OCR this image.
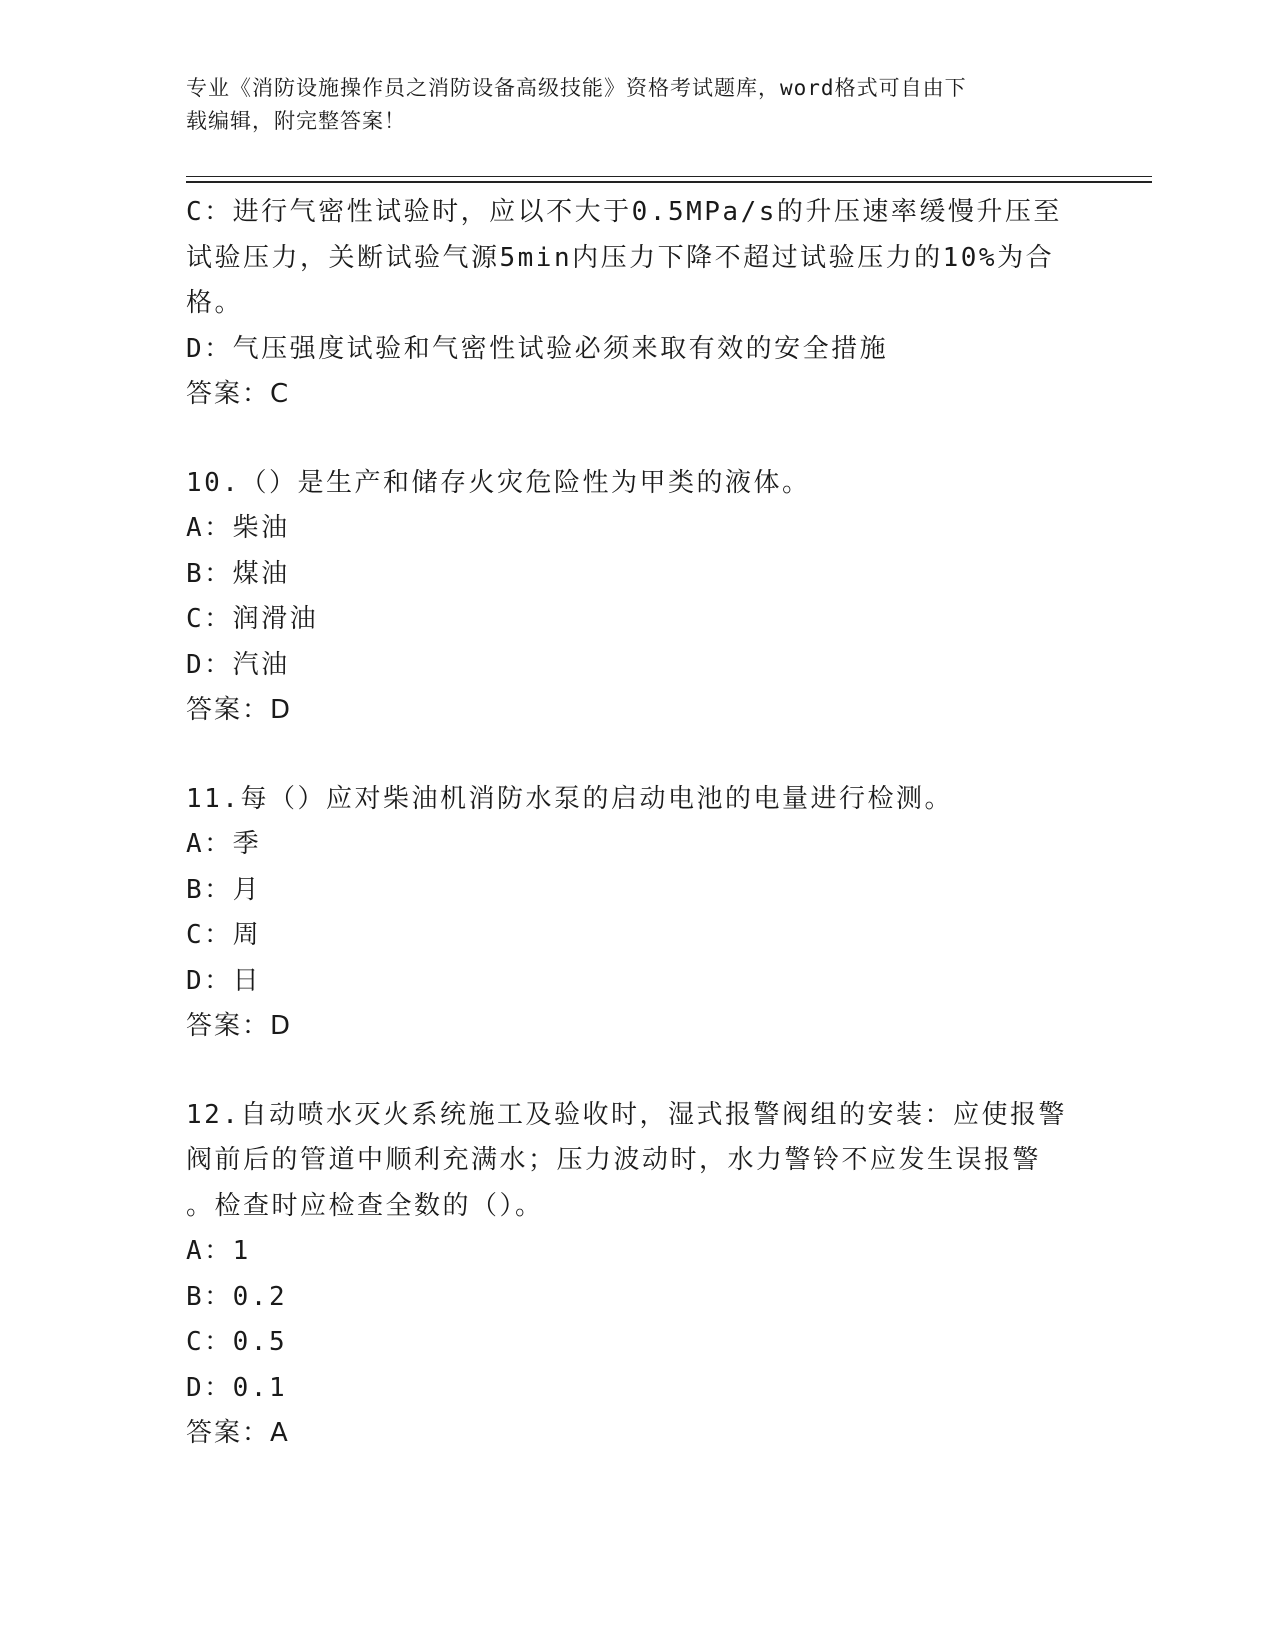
专业《消防设施操作员之消防设备高级技能》资格考试题库，word格式可自由下
载编辑，附完整答案！
C：进行气密性试验时，应以不大于0.5MPa/s的升压速率缓慢升压至
试验压力，关断试验气源5min内压力下降不超过试验压力的10%为合
格。
D：气压强度试验和气密性试验必须来取有效的安全措施
答案：C
10.（）是生产和储存火灾危险性为甲类的液体。
A：柴油
B：煤油
C：润滑油
D：汽油
答案：D
11.每（）应对柴油机消防水泵的启动电池的电量进行检测。
A：季
B：月
C：周
D：日
答案：D
12.自动喷水灭火系统施工及验收时，湿式报警阀组的安装：应使报警
阀前后的管道中顺利充满水；压力波动时，水力警铃不应发生误报警
。检查时应检查全数的（）。
A：1
B：0.2
C：0.5
D：0.1
答案：A
